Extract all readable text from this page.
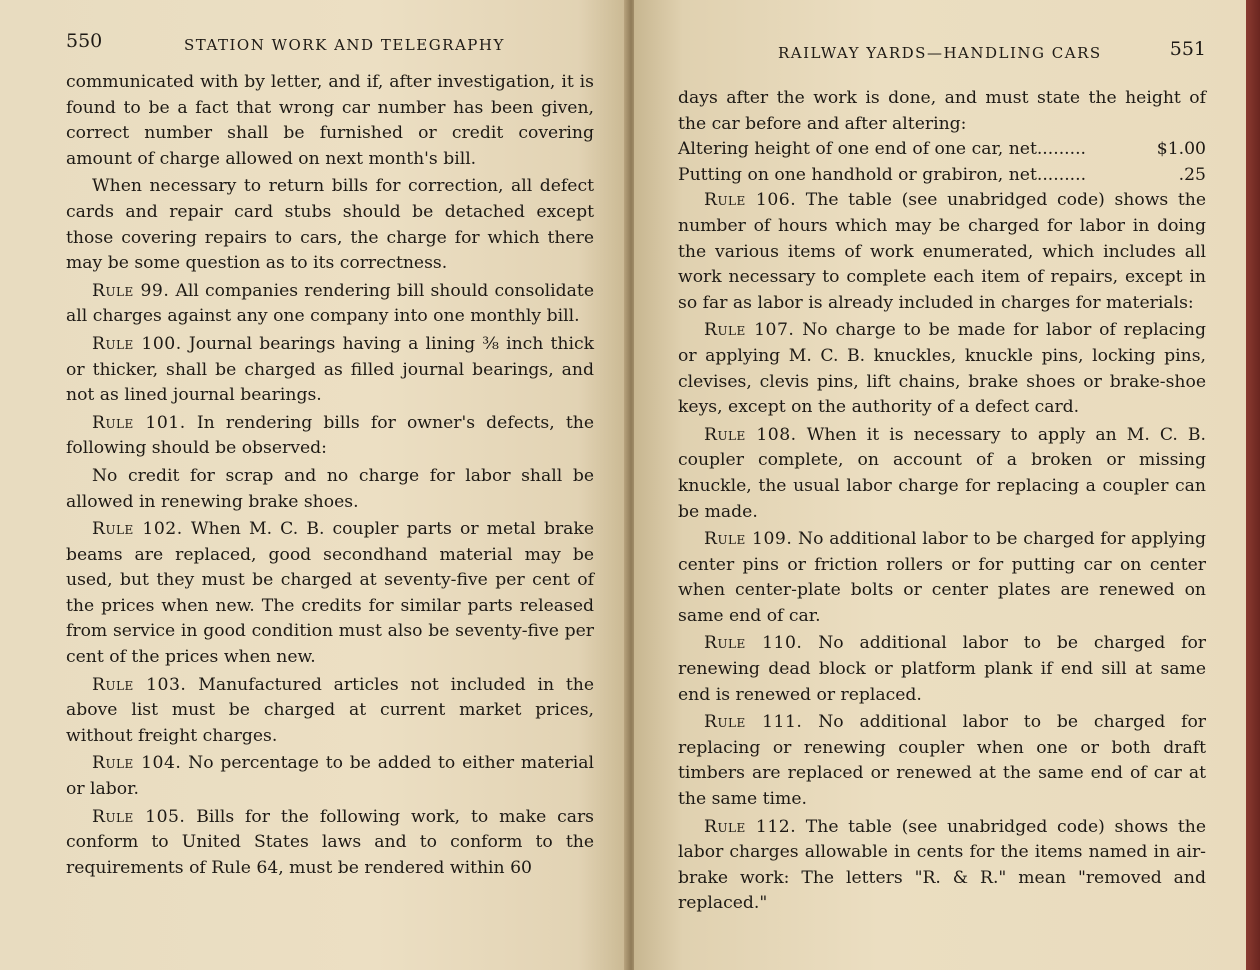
550	STATION WORK AND TELEGRAPHY

communicated with by letter, and if, after investigation, it is found to be a fact that wrong car number has been given, correct number shall be furnished or credit covering amount of charge allowed on next month's bill.

When necessary to return bills for correction, all defect cards and repair card stubs should be detached except those covering repairs to cars, the charge for which there may be some question as to its correctness.

Rule 99. All companies rendering bill should consolidate all charges against any one company into one monthly bill.

Rule 100. Journal bearings having a lining ⅜ inch thick or thicker, shall be charged as filled journal bearings, and not as lined journal bearings.

Rule 101. In rendering bills for owner's defects, the following should be observed:

No credit for scrap and no charge for labor shall be allowed in renewing brake shoes.

Rule 102. When M. C. B. coupler parts or metal brake beams are replaced, good secondhand material may be used, but they must be charged at seventy-five per cent of the prices when new. The credits for similar parts released from service in good condition must also be seventy-five per cent of the prices when new.

Rule 103. Manufactured articles not included in the above list must be charged at current market prices, without freight charges.

Rule 104. No percentage to be added to either material or labor.

Rule 105. Bills for the following work, to make cars conform to United States laws and to conform to the requirements of Rule 64, must be rendered within 60

RAILWAY YARDS—HANDLING CARS	551

days after the work is done, and must state the height of the car before and after altering:

Altering height of one end of one car, net.........	$1.00

Putting on one handhold or grabiron, net.........	.25

Rule 106. The table (see unabridged code) shows the number of hours which may be charged for labor in doing the various items of work enumerated, which includes all work necessary to complete each item of repairs, except in so far as labor is already included in charges for materials:

Rule 107. No charge to be made for labor of replacing or applying M. C. B. knuckles, knuckle pins, locking pins, clevises, clevis pins, lift chains, brake shoes or brake-shoe keys, except on the authority of a defect card.

Rule 108. When it is necessary to apply an M. C. B. coupler complete, on account of a broken or missing knuckle, the usual labor charge for replacing a coupler can be made.

Rule 109. No additional labor to be charged for applying center pins or friction rollers or for putting car on center when center-plate bolts or center plates are renewed on same end of car.

Rule 110. No additional labor to be charged for renewing dead block or platform plank if end sill at same end is renewed or replaced.

Rule 111. No additional labor to be charged for replacing or renewing coupler when one or both draft timbers are replaced or renewed at the same end of car at the same time.

Rule 112. The table (see unabridged code) shows the labor charges allowable in cents for the items named in air-brake work: The letters "R. & R." mean "removed and replaced."
